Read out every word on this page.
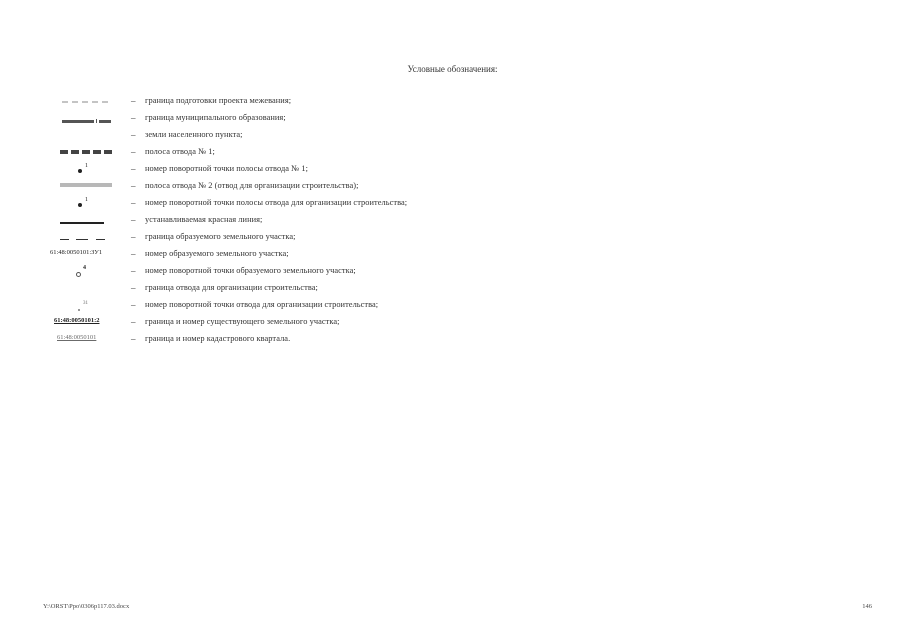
Условные обозначения:
– граница подготовки проекта межевания;
– граница муниципального образования;
– земли населенного пункта;
– полоса отвода № 1;
1	– номер поворотной точки полосы отвода № 1;
– полоса отвода № 2 (отвод для организации строительства);
1	– номер поворотной точки полосы отвода для организации строительства;
– устанавливаемая красная линия;
– граница образуемого земельного участка;
61:48:0050101:ЗУ1	– номер образуемого земельного участка;
4	– номер поворотной точки образуемого земельного участка;
– граница отвода для организации строительства;
31	– номер поворотной точки отвода для организации строительства;
61:48:0050101:2	– граница и номер существующего земельного участка;
61:48:0050101	– граница и номер кадастрового квартала.
Y:\ORST\Ppo\0306p117.03.docx	146
